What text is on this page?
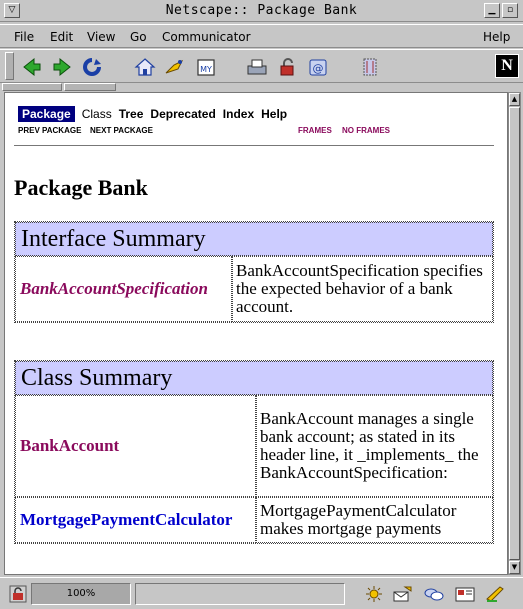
▽	Netscape:: Package Bank	▁	▫
File Edit View Go Communicator	Help
MY	@	N
Package Class Tree Deprecated Index Help
PREV PACKAGE NEXT PACKAGE	FRAMES NO FRAMES
Package Bank
Interface Summary
BankAccountSpecification	BankAccountSpecification specifies the expected behavior of a bank account.
Class Summary	
BankAccount	BankAccount manages a single bank account; as stated in its header line, it _implements_ the BankAccountSpecification:
MortgagePaymentCalculator	MortgagePaymentCalculator makes mortgage payments
▲
▼
100%
